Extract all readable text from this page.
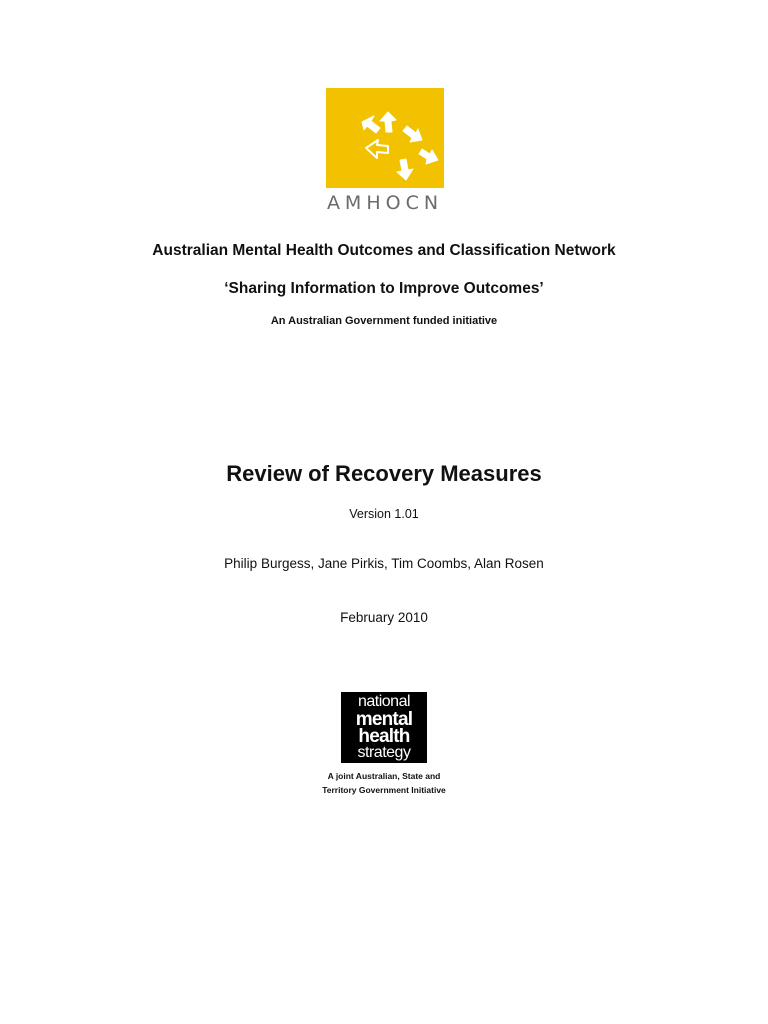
AMHOCN
Australian Mental Health Outcomes and Classification Network
‘Sharing Information to Improve Outcomes’
An Australian Government funded initiative
Review of Recovery Measures
Version 1.01
Philip Burgess, Jane Pirkis, Tim Coombs, Alan Rosen
February 2010
national
mental
health
strategy
A joint Australian, State and
Territory Government Initiative
